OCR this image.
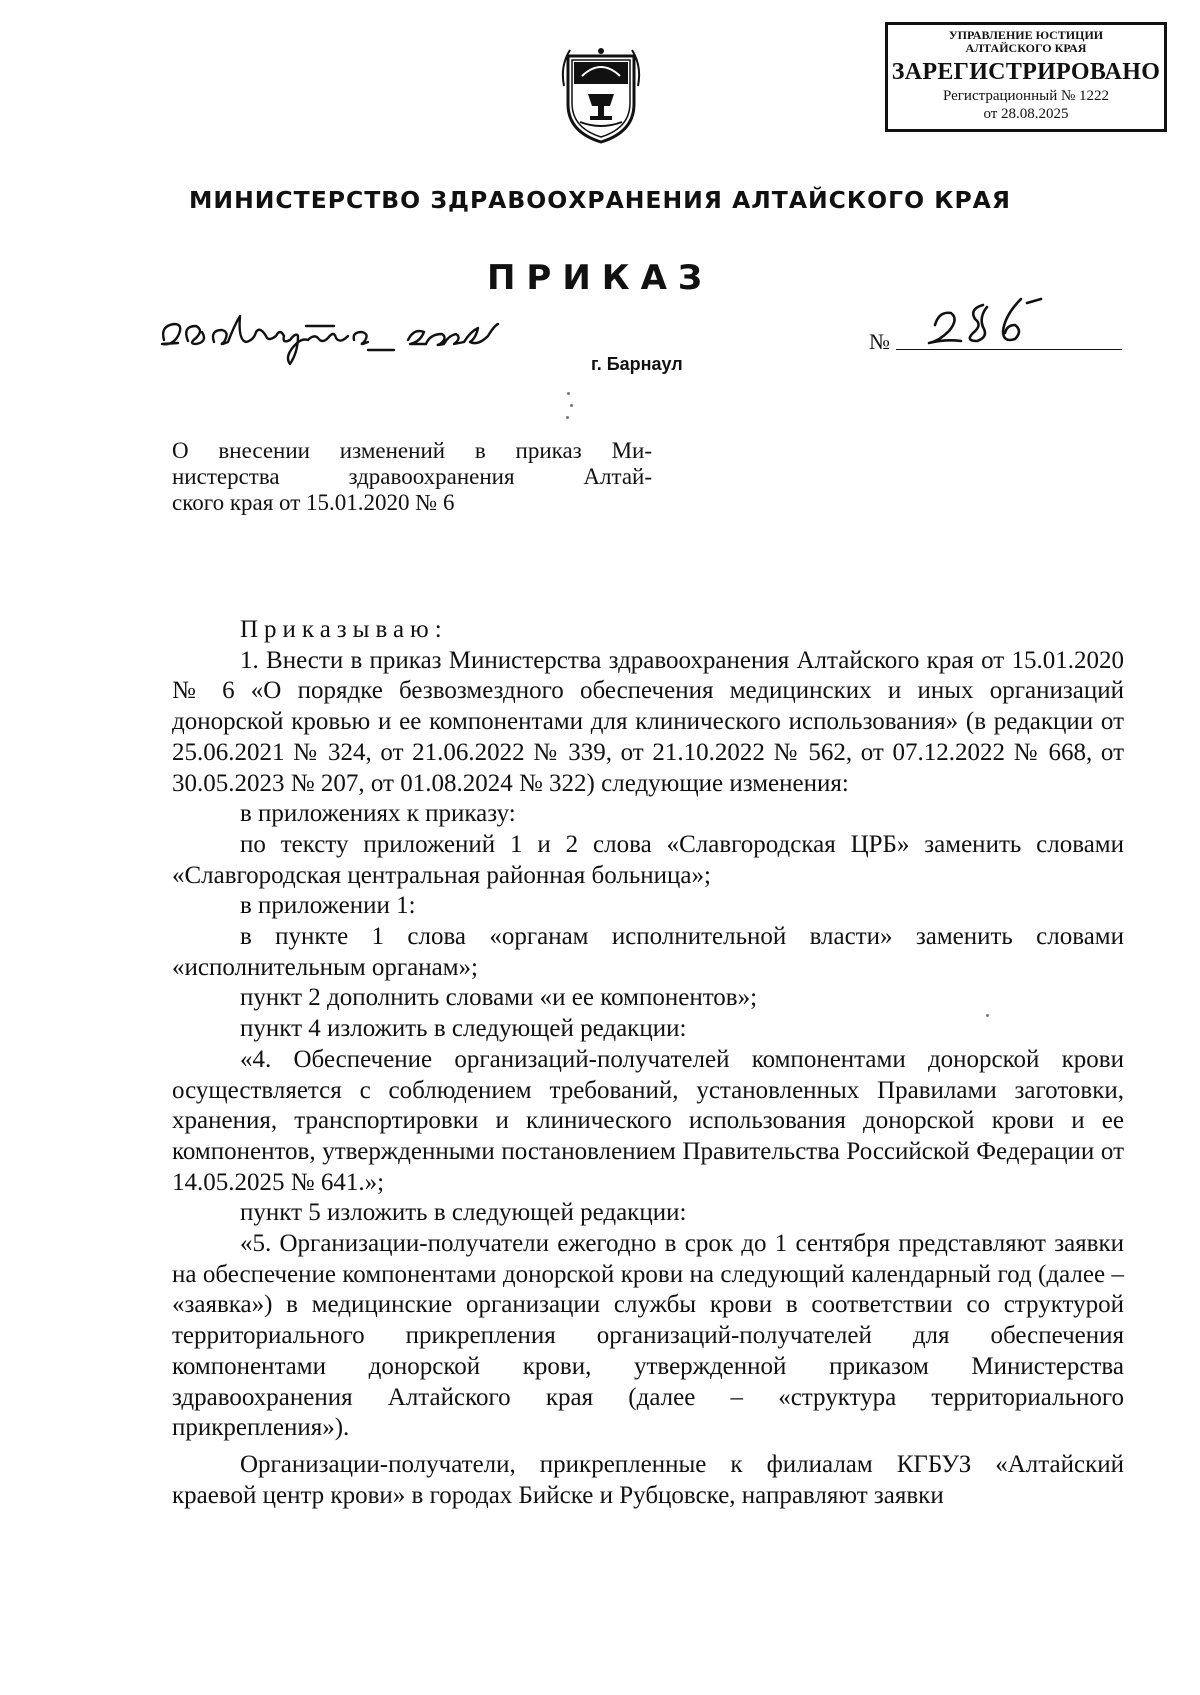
УПРАВЛЕНИЕ ЮСТИЦИИ
АЛТАЙСКОГО КРАЯ
ЗАРЕГИСТРИРОВАНО
Регистрационный № 1222
от 28.08.2025
МИНИСТЕРСТВО ЗДРАВООХРАНЕНИЯ АЛТАЙСКОГО КРАЯ
ПРИКАЗ
г. Барнаул
№
О внесении изменений в приказ Ми-
нистерства здравоохранения Алтай-
ского края от 15.01.2020 № 6

Приказываю:

1. Внести в приказ Министерства здравоохранения Алтайского края от 15.01.2020 № 6 «О порядке безвозмездного обеспечения медицинских и иных организаций донорской кровью и ее компонентами для клинического использования» (в редакции от 25.06.2021 № 324, от 21.06.2022 № 339, от 21.10.2022 № 562, от 07.12.2022 № 668, от 30.05.2023 № 207, от 01.08.2024 № 322) следующие изменения:

в приложениях к приказу:

по тексту приложений 1 и 2 слова «Славгородская ЦРБ» заменить словами «Славгородская центральная районная больница»;

в приложении 1:

в пункте 1 слова «органам исполнительной власти» заменить словами «исполнительным органам»;

пункт 2 дополнить словами «и ее компонентов»;

пункт 4 изложить в следующей редакции:

«4. Обеспечение организаций-получателей компонентами донорской крови осуществляется с соблюдением требований, установленных Правилами заготовки, хранения, транспортировки и клинического использования донорской крови и ее компонентов, утвержденными постановлением Правительства Российской Федерации от 14.05.2025 № 641.»;

пункт 5 изложить в следующей редакции:

«5. Организации-получатели ежегодно в срок до 1 сентября представляют заявки на обеспечение компонентами донорской крови на следующий календарный год (далее – «заявка») в медицинские организации службы крови в соответствии со структурой территориального прикрепления организаций-получателей для обеспечения компонентами донорской крови, утвержденной приказом Министерства здравоохранения Алтайского края (далее – «структура территориального прикрепления»).

Организации-получатели, прикрепленные к филиалам КГБУЗ «Алтайский краевой центр крови» в городах Бийске и Рубцовске, направляют заявки
